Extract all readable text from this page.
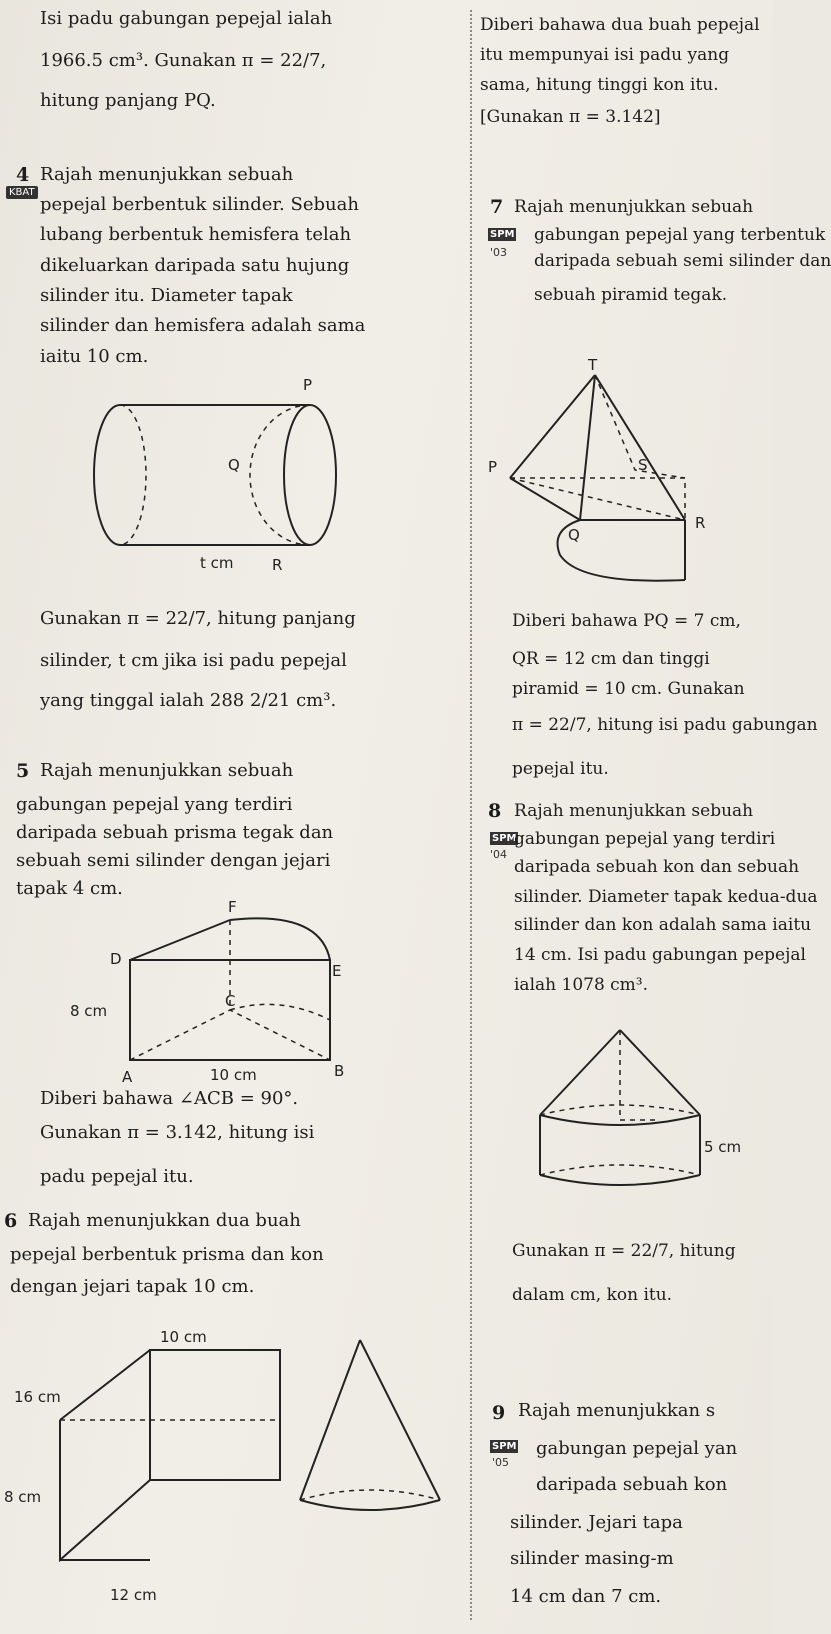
Isi padu gabungan pepejal ialah
1966.5 cm³. Gunakan π = 22/7,
hitung panjang PQ.
Diberi bahawa dua buah pepejal
itu mempunyai isi padu yang
sama, hitung tinggi kon itu.
[Gunakan π = 3.142]
4
KBAT
Rajah menunjukkan sebuah
pepejal berbentuk silinder. Sebuah
lubang berbentuk hemisfera telah
dikeluarkan daripada satu hujung
silinder itu. Diameter tapak
silinder dan hemisfera adalah sama
iaitu 10 cm.
P
Q
R
t cm
Gunakan π = 22/7, hitung panjang
silinder, t cm jika isi padu pepejal
yang tinggal ialah 288 2/21 cm³.
7
SPM
'03
Rajah menunjukkan sebuah
gabungan pepejal yang terbentuk
daripada sebuah semi silinder dan
sebuah piramid tegak.
T
P
Q
R
S
Diberi bahawa PQ = 7 cm,
QR = 12 cm dan tinggi
piramid = 10 cm. Gunakan
π = 22/7, hitung isi padu gabungan
pepejal itu.
5 Rajah menunjukkan sebuah
gabungan pepejal yang terdiri
daripada sebuah prisma tegak dan
sebuah semi silinder dengan jejari
tapak 4 cm.
F
D
E
C
A	B
8 cm
10 cm
Diberi bahawa ∠ACB = 90°.
Gunakan π = 3.142, hitung isi
padu pepejal itu.
8
SPM
'04
Rajah menunjukkan sebuah
gabungan pepejal yang terdiri
daripada sebuah kon dan sebuah
silinder. Diameter tapak kedua-dua
silinder dan kon adalah sama iaitu
14 cm. Isi padu gabungan pepejal
ialah 1078 cm³.
5 cm
Gunakan π = 22/7, hitung
dalam cm, kon itu.
6 Rajah menunjukkan dua buah
pepejal berbentuk prisma dan kon
dengan jejari tapak 10 cm.
10 cm
16 cm
8 cm
12 cm
9
SPM
'05
Rajah menunjukkan s
gabungan pepejal yan
daripada sebuah kon
silinder. Jejari tapa
silinder masing-m
14 cm dan 7 cm.
